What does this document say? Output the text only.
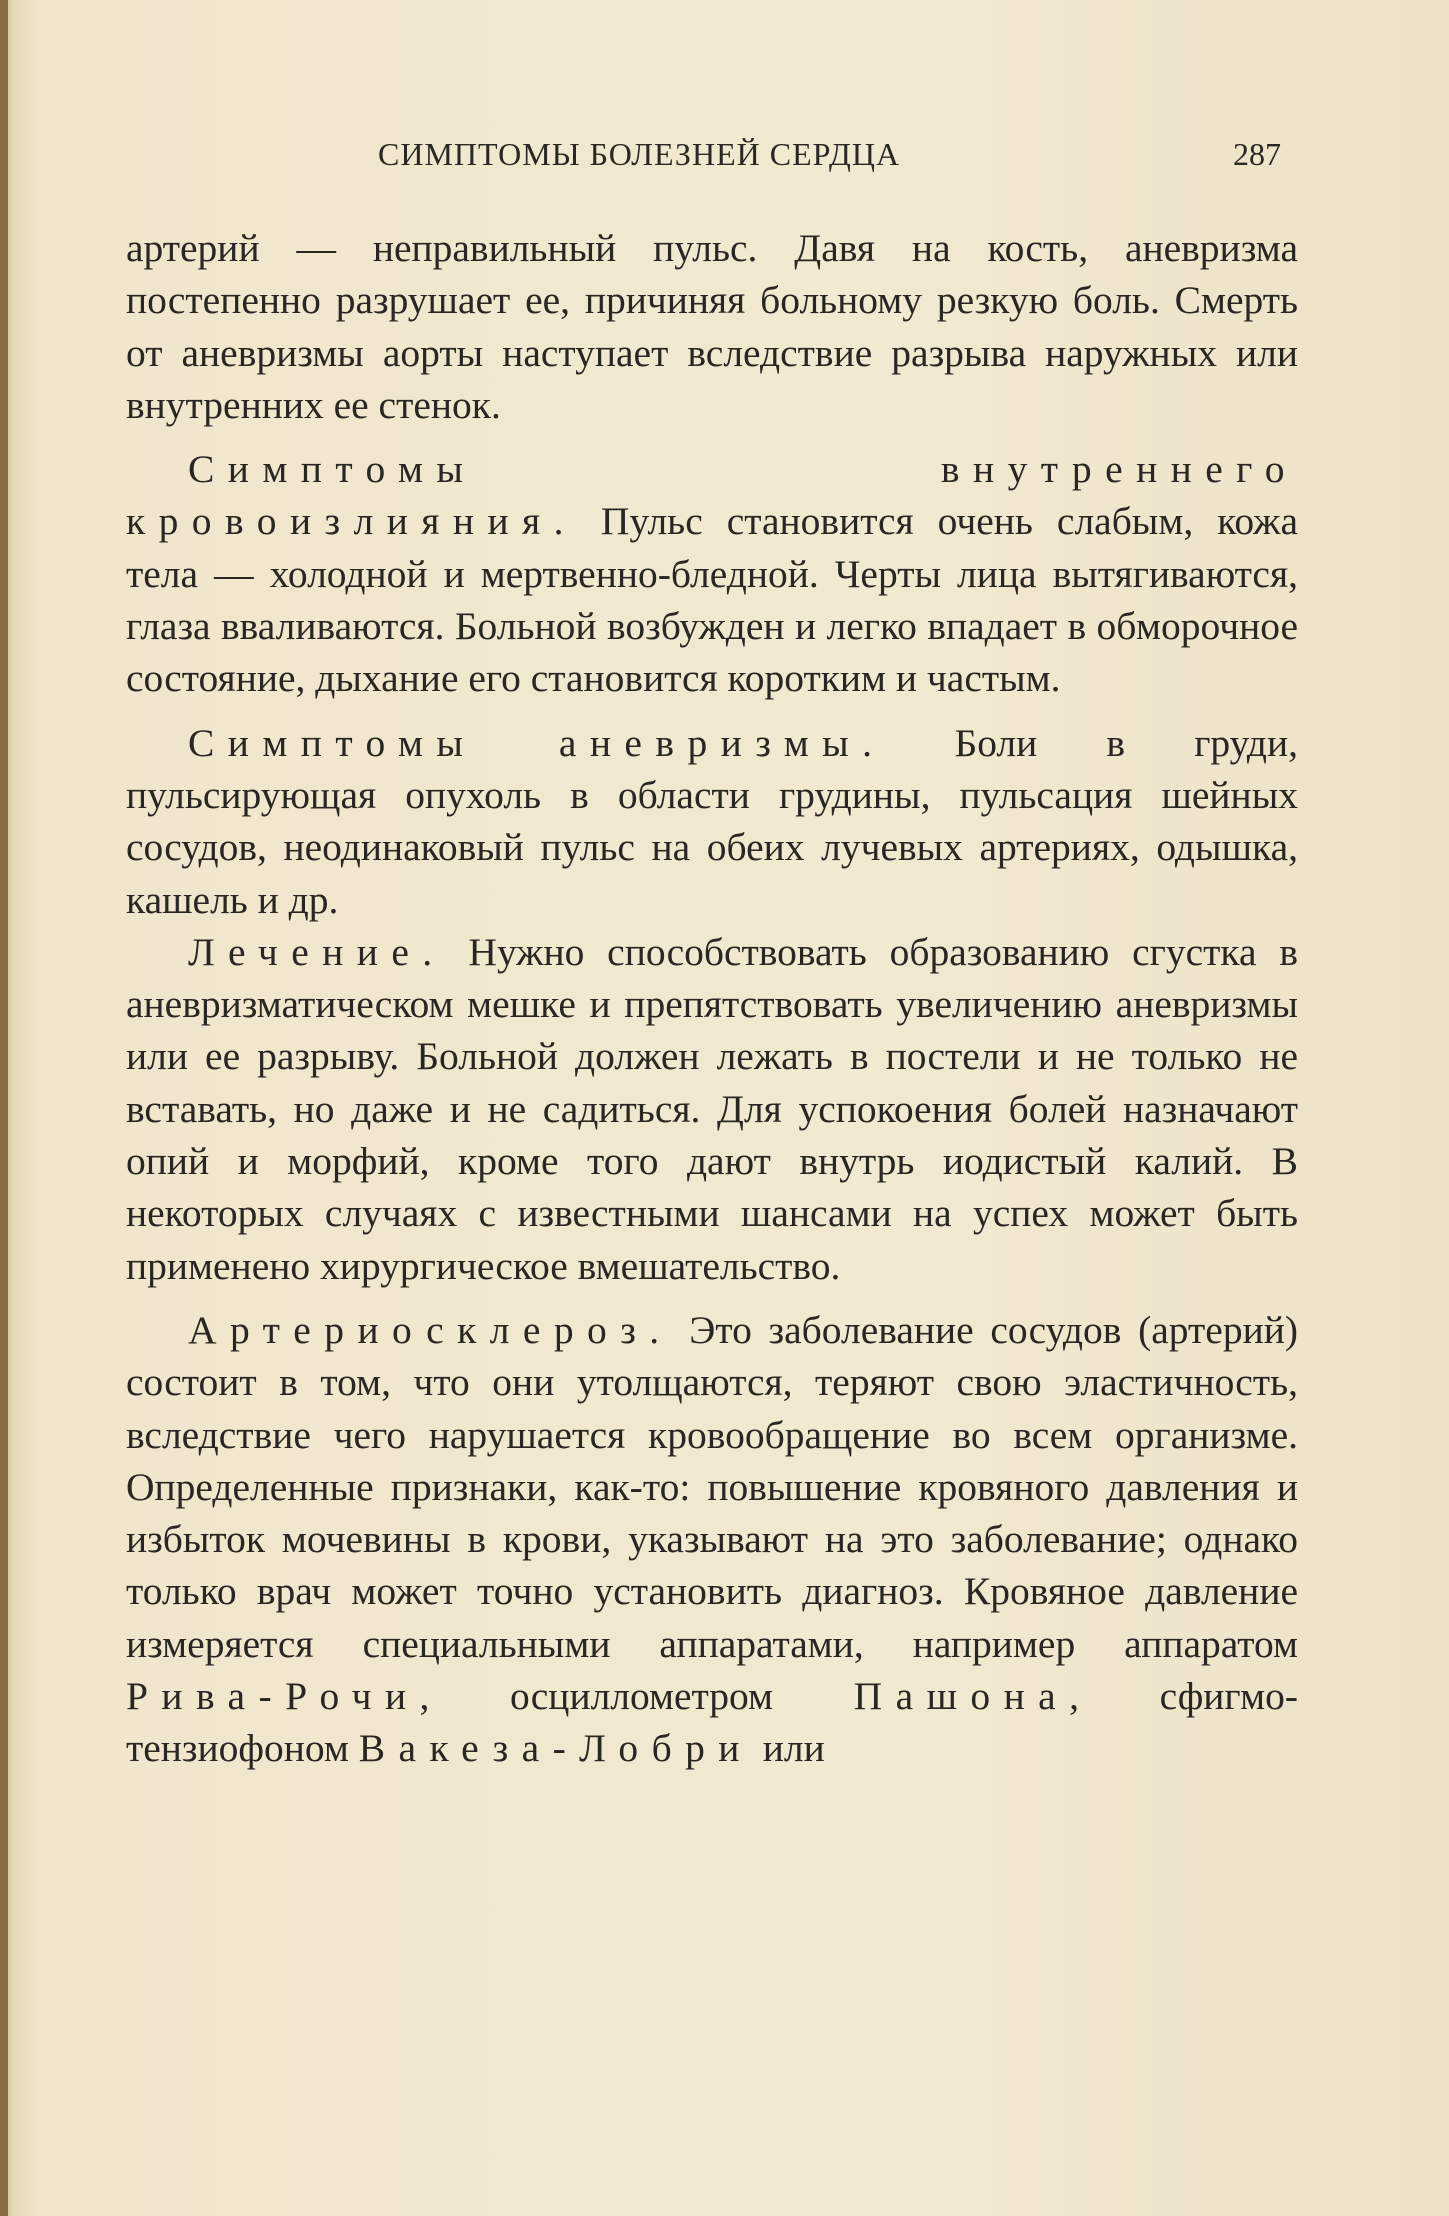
СИМПТОМЫ БОЛЕЗНЕЙ СЕРДЦА	287

артерий — неправильный пульс. Давя на кость, аневризма постепенно разрушает ее, причиняя больному резкую боль. Смерть от аневризмы аорты наступает вследствие разрыва наружных или внутренних ее стенок.

Симптомы внутреннего кровоизлияния. Пульс становится очень слабым, кожа тела — холодной и мертвенно-бледной. Черты лица вытягиваются, глаза вваливаются. Больной возбужден и легко впадает в обморочное состояние, дыхание его становится коротким и частым.

Симптомы аневризмы. Боли в груди, пульсирующая опухоль в области грудины, пульсация шейных сосудов, неодинаковый пульс на обеих лучевых артериях, одышка, кашель и др.

Лечение. Нужно способствовать образованию сгустка в аневризматическом мешке и препятствовать увеличению аневризмы или ее разрыву. Больной должен лежать в постели и не только не вставать, но даже и не садиться. Для успокоения болей назначают опий и морфий, кроме того дают внутрь иодистый калий. В некоторых случаях с известными шансами на успех может быть применено хирургическое вмешательство.

Артериосклероз. Это заболевание сосудов (артерий) состоит в том, что они утолщаются, теряют свою эластичность, вследствие чего нарушается кровообращение во всем организме. Определенные признаки, как-то: повышение кровяного давления и избыток мочевины в крови, указывают на это заболевание; однако только врач может точно установить диагноз. Кровяное давление измеряется специальными аппаратами, например аппаратом Рива-Рочи, осциллометром Пашона, сфигмо-тензиофоном Вакеза-Лобри или
